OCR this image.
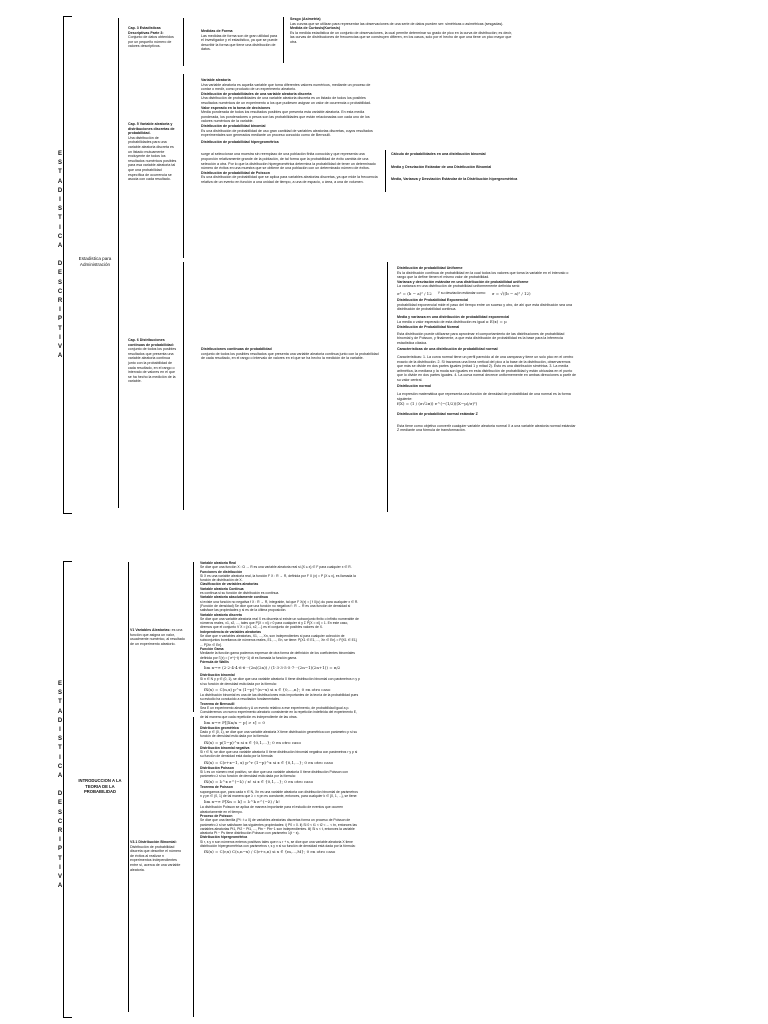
E
S
T
A
D
I
S
T
I
C
A
D
E
S
C
R
I
P
T
I
V
A
Estadistica para Administración

Cap. 3 Estadisticas Descriptivas Parte 3:

Conjunto de datos obtenidos por un pequeño número de valores descriptivos.

Medidas de Forma

Las medidas de forma son de gran utilidad para el investigador y el estadístico, ya que se puede describir la forma que tiene una distribución de datos.

Sesgo (Asimetria)

Las curvas que se utilizan para representar las observaciones de una serie de datos pueden ser: simétricas o asimétricas (sesgadas).

Medida de Curtosis(Kurtosis)

Es la medida estadística de un conjunto de observaciones, la cual permite determinar su grado de pico en la curva de distribución; es decir, las curvas de distribuciones de frecuencias que se construyen difieren, en los casos, solo por el hecho de que una tiene un pico mayor que otra.

Cap. 5 Variable aleatoria y distribuciones discretas de probabilidad.

Una distribución de probabilidades para una variable aleatoria discreta es un listado mutuamente excluyente de todos los resultados numéricos posibles para esa variable aleatoria tal que una probabilidad específica de ocurrencia se asocia con cada resultado.

Variable aleatoria

Una variable aleatoria es aquella variable que toma diferentes valores numéricos, mediante un proceso de contar o medir, como producto de un experimento aleatorio.

Distribución de probabilidades de una variable aleatoria discreta

Una distribución de probabilidades de una variable aleatoria discreta es un listado de todos los posibles resultados numéricos de un experimento a los que pudiesen asignar un valor de ocurrencia o probabilidad.

Valor esperado en la toma de decisiones

Media ponderada de todos los resultados posibles que presenta esta variable aleatoria. En esta media ponderada, los ponderadores o pesos son las probabilidades que están relacionadas con cada uno de los valores numéricos de la variable.

Distribución de probabilidad binomial

Es una distribución de probabilidad de uso gran cantidad de variables aleatorias discretas, cuyos resultados experimentales son generados mediante un proceso conocido como de Bernoulli.

Distribución de probabilidad hipergeométrica

surge al seleccionar una muestra sin reemplazo de una población finita conocida y que representa una proporción relativamente grande de la población, de tal forma que la probabilidad de éxito cambia de una selección a otra. Por lo que la distribución hipergeométrica determina la probabilidad de tener un determinado número de éxitos en una muestra que se obtiene de una población con un determinado número de éxitos.

Distribución de probabilidad de Poisson

Es una distribución de probabilidad que se aplica para variables aleatorias discretas, ya que mide la frecuencia relativa de un evento en función a una unidad de tiempo, a una de espacio, u área, a una de volumen.

Cálculo de probabilidades en una distribución binomial

Media y Desviación Estándar de una Distribución Binomial

Media, Varianza y Desviación Estándar de la Distribución hipergeométrica

Cap. 6 Distribuciones continuas de probabilidad:

conjunto de todos los posibles resultados que presenta una variable aleatoria continua junto con la probabilidad de cada resultado, en el rango o intervalo de valores en el que se ha hecho la medición de la variable.

Distribuciones continuas de probabilidad

conjunto de todos los posibles resultados que presenta una variable aleatoria continua junto con la probabilidad de cada resultado, en el rango o intervalo de valores en el que se ha hecho la medición de la variable.

Distribución de probabilidad Uniforme

Es la distribución continua de probabilidad en la cual todos los valores que toma la variable en el intervalo o rango que la define tienen el mismo valor de probabilidad.

Varianza y desviación estándar en una distribución de probabilidad uniforme

La varianza en una distribución de probabilidad uniformemente definida será:

σ² = (b − a)² / 12 Y su desviación estándar como: σ = √((b − a)² / 12)

Distribución de Probabilidad Exponencial

probabilidad exponencial mide el paso del tiempo entre un suceso y otro, de ahí que esta distribución sea una distribución de probabilidad continua.

Media y varianza en una distribución de probabilidad exponencial

La media o valor esperado de esta distribución es igual a: E(x) = μ

Distribución de Probabilidad Normal

Esta distribución puede utilizarse para aproximar el comportamiento de las distribuciones de probabilidad binomial y de Poisson, y finalmente, a que esta distribución de probabilidad es la base para la inferencia estadística clásica.

Características de una distribución de probabilidad normal

Características: 1. La curva normal tiene un perfil parecido al de una campana y tiene un solo pico en el centro exacto de la distribución. 2. Si trazamos una línea vertical del pico a la base de la distribución, observaremos que más se divide en dos partes iguales (mitad 1 y mitad 2). Esto es una distribución simétrica. 3. La media aritmética, la mediana y la moda son iguales en esta distribución de probabilidad y están ubicadas en el punto que lo divide en dos partes iguales. 4. La curva normal decrece uniformemente en ambas direcciones a partir de su valor central.

Distribución normal

La expresión matemática que representa una función de densidad de probabilidad de una normal es la forma siguiente:

f(X) = (1 / (σ√2π)) e^(−(1/2)((X−μ)/σ)²)

Distribución de probabilidad normal estándar Z

Esta tiene como objetivo convertir cualquier variable aleatoria normal X a una variable aleatoria normal estándar Z mediante una fórmula de transformación.

E
S
T
A
D
I
S
T
I
C
A
D
E
S
C
R
I
P
T
I
V
A
INTRODUCCION A LA TEORIA DE LA PROBABILIDAD

V1 Variables Aleatorias:

es una función que asigna un valor, usualmente numérico, al resultado de un experimento aleatorio.

V3.1 Distribución Binomial:

Distribución de probabilidad discreta que describe el número de éxitos al realizar n experimentos independientes entre sí, acerca de una variable aleatoria.

Variable aleatoria Real

Se dice que una función X : Ω → R es una variable aleatoria real si {X ≤ x} ∈ F para cualquier x ∈ R.

Funciones de distribución

Si X es una variable aleatoria real, la función F X : R → R, definida por F X (x) = P {X ≤ x}, es llamada la función de distribución de X.

Clasificación de variables aleatorias

Variable aleatoria Continua

es continua si su función de distribución es continua.

Variable aleatoria absolutamente continua

si existe una función no negativa f X : R → R, integrable, tal que F X(x) = ∫ f X(u) du para cualquier x ∈ R. (Función de densidad) Se dice que una función no negativa f : R → R es una función de densidad si satisface las propiedades y si es de la última proposición.

Variable aleatoria discreta

Se dice que una variable aleatoria real X es discreta si existe un subconjunto finito o infinito numerable de números reales, x1, x2, ..., tales que P{X = xi} > 0 para cualquier xi y Σ P{X = xi} = 1. En este caso, diremos que el conjunto V X = {x1, x2, ...} es el conjunto de posibles valores de X.

Independencia de variables aleatorias

Se dice que n variables aleatorias, X1, ..., Xn, son independientes si para cualquier colección de subconjuntos borelianos de números reales, E1, ..., En, se tiene: P{X1 ∈ E1, ..., Xn ∈ En} = P{X1 ∈ E1} ... P{Xn ∈ En}

Función Gama

Mediante la función gama podemos expresar de otra forma de definición de los coeficientes binomiales definida por Γ(x) = ∫ e^(−t) t^(x−1) dt es llamada la función gama.

Fórmula de Wallis

lim n→∞ (2·2·4·4·6·6···(2n)(2n)) / (1·3·3·5·5·7···(2n−1)(2n+1)) = π/2

Distribución binomial

Si n ∈ N y p ∈ (0, 1), se dice que una variable aleatoria X tiene distribución binomial con parámetros n y p si su función de densidad está dada por la fórmula:

fX(x) = C(n,x) p^x (1−p)^(n−x) si x ∈ {0,...,n}; 0 en otro caso

La distribución binomial es una de las distribuciones más importantes de la teoría de la probabilidad pues su estudio ha conducido a resultados fundamentales.

Teorema de Bernoulli

Sea E un experimento aleatorio y A un evento relativo a ese experimento, de probabilidad igual a p. Consideremos un nuevo experimento aleatorio consistente en la repetición indefinida del experimento E, de tal manera que cada repetición es independiente de las otras.

lim n→∞ P[|Xn/n − p| > ε] = 0

Distribución geométrica

Dado p ∈ (0, 1), se dice que una variable aleatoria X tiene distribución geométrica con parámetro p si su función de densidad está dada por la fórmula:

fX(x) = p(1−p)^x si x ∈ {0,1,...}; 0 en otro caso

Distribución binomial negativa

Si r ∈ N, se dice que una variable aleatoria X tiene distribución binomial negativa con parámetros r y p si su función de densidad está dada por la fórmula:

fX(x) = C(r+x−1, x) p^r (1−p)^x si x ∈ {0,1,...}; 0 en otro caso

Distribución Poisson

Si λ es un número real positivo, se dice que una variable aleatoria X tiene distribución Poisson con parámetro λ si su función de densidad está dada por la fórmula:

fX(x) = λ^x e^(−λ) / x! si x ∈ {0,1,...}; 0 en otro caso

Teorema de Poisson

supongamos que, para cada n ∈ N, Xn es una variable aleatoria con distribución binomial de parámetros n y pn ∈ (0, 1) de tal manera que λ = n pn es constante, entonces, para cualquier k ∈ {0, 1, ...}, se tiene:

lim n→∞ P[Xn = k] = λ^k e^(−λ) / k!

La distribución Poisson se aplica de manera importante para el estudio de eventos que ocurren aleatoriamente en el tiempo.

Proceso de Poisson

Se dice que una familia {Pt : t ≥ 0} de variables aleatorias discretas forma un proceso de Poisson de parámetro λ si se satisfacen las siguientes propiedades: i) P0 = 0. ii) Si 0 < t1 < t2 < ... < tn, entonces las variables aleatorias Pt1, Pt2 − Pt1, ..., Ptn − Ptn−1 son independientes. iii) Si s < t, entonces la variable aleatoria Pt − Ps tiene distribución Poisson con parámetro λ(t − s).

Distribución hipergeométrica

Si r, s y n son números enteros positivos tales que n ≤ r + s, se dice que una variable aleatoria X tiene distribución hipergeométrica con parámetros r, s y n si su función de densidad está dada por la fórmula:

fX(x) = C(r,x) C(s,n−x) / C(r+s,n) si x ∈ {m,...,M}; 0 en otro caso
